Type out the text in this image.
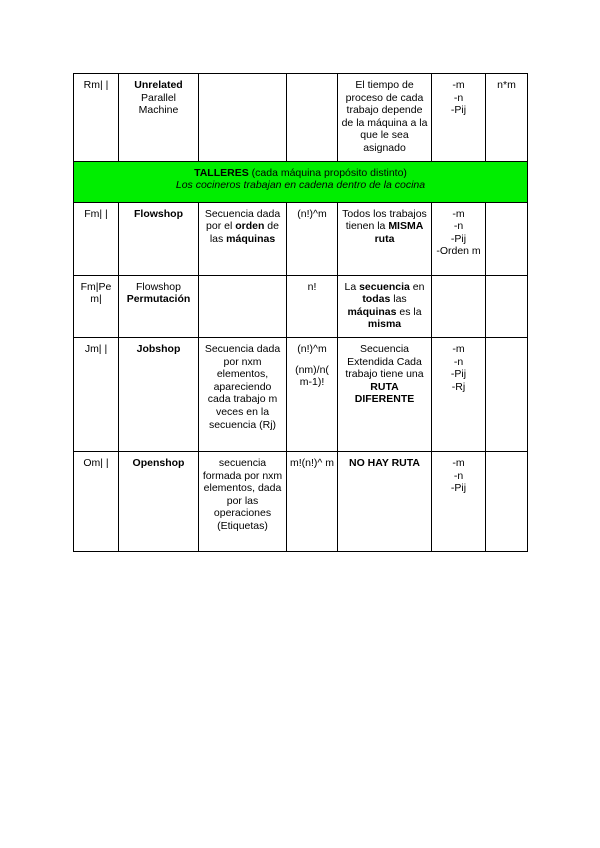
Rm| |	Unrelated
Parallel Machine			El tiempo de proceso de cada trabajo depende de la máquina a la que le sea asignado	-m
-n
-Pij	n*m

TALLERES (cada máquina propósito distinto)
Los cocineros trabajan en cadena dentro de la cocina						

Fm| |	Flowshop	Secuencia dada por el orden de las máquinas	(n!)^m	Todos los trabajos tienen la MISMA ruta	-m
-n
-Pij
-Orden m	

Fm|Pe m|	Flowshop
Permutación		n!	La secuencia en todas las máquinas es la misma		
Jm| |	Jobshop	Secuencia dada por nxm elementos, apareciendo cada trabajo m veces en la secuencia (Rj)	(n!)^m
(nm)/n( m-1)!	Secuencia Extendida Cada trabajo tiene una RUTA DIFERENTE	-m
-n
-Pij
-Rj	

Om| |	Openshop	secuencia formada por nxm elementos, dada por las operaciones (Etiquetas)	m!(n!)^ m	NO HAY RUTA	-m
-n
-Pij	
